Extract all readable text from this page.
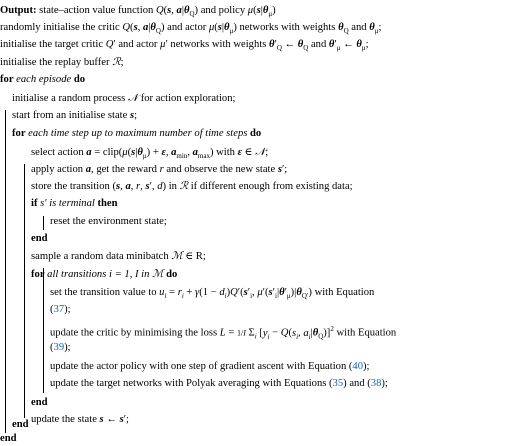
Output: state–action value function Q(s, $a|\theta_Q$) and policy $\mu(s|\theta_\mu)$
randomly initialise the critic Q(s, $a|\theta_Q$) and actor $\mu(s|\theta_\mu)$ networks with weights $\theta_Q$ and $\theta_\mu$;
initialise the target critic Q′ and actor μ′ networks with weights $\theta'_Q$ ← $\theta_Q$ and $\theta'_\mu$ ← $\theta_\mu$;
initialise the replay buffer ℛ;
for each episode do
initialise a random process 𝒩 for action exploration;
start from an initialise state s;
for each time step up to maximum number of time steps do
select action $a = clip(\mu(s|\theta_\mu) + \varepsilon$, $a_{min}$, $a_{max}$) with ε ∈ 𝒩;
apply action a, get the reward r and observe the new state s′;
store the transition (s, a, r, s′, d) in ℛ if different enough from existing data;
if s′ is terminal then
reset the environment state;
end
sample a random data minibatch ℳ ∈ R;
for all transitions i = 1, I in ℳ do
set the transition value to $u_i = r_i + \gamma(1 - d_i)Q'(s'_i$, $\mu'(s'_i|\theta'_\mu)|\theta_{Q'}$) with Equation
(37);
update the critic by minimising the loss L = 1/I $\Sigma_i$ [$y_i - Q(s_i$, $a_i|\theta_Q)]^2$ with Equation
(39);
update the actor policy with one step of gradient ascent with Equation (40);
update the target networks with Polyak averaging with Equations (35) and (38);
end
update the state s ← s′;
end
end
